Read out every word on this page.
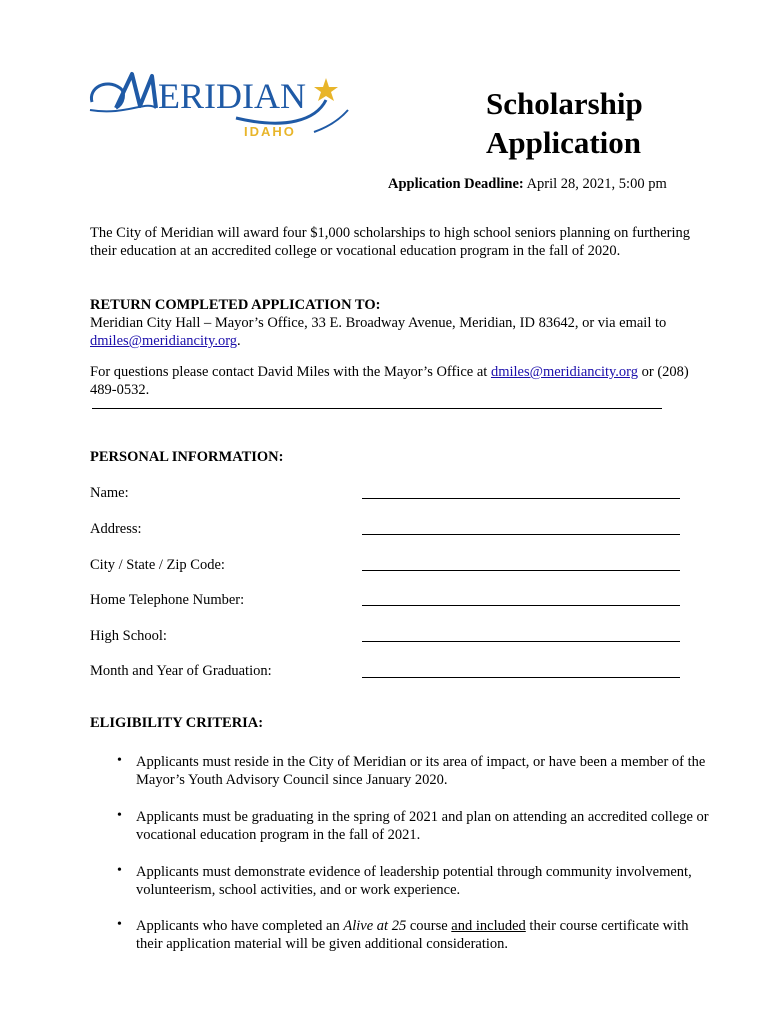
ERIDIAN
IDAHO
Scholarship
Application
Application Deadline: April 28, 2021, 5:00 pm
The City of Meridian will award four $1,000 scholarships to high school seniors planning on furthering their education at an accredited college or vocational education program in the fall of 2020.
RETURN COMPLETED APPLICATION TO:
Meridian City Hall – Mayor’s Office, 33 E. Broadway Avenue, Meridian, ID 83642, or via email to dmiles@meridiancity.org.
For questions please contact David Miles with the Mayor’s Office at dmiles@meridiancity.org or (208) 489-0532.
PERSONAL INFORMATION:
Name:
Address:
City / State / Zip Code:
Home Telephone Number:
High School:
Month and Year of Graduation:
ELIGIBILITY CRITERIA:
• Applicants must reside in the City of Meridian or its area of impact, or have been a member of the Mayor’s Youth Advisory Council since January 2020.
• Applicants must be graduating in the spring of 2021 and plan on attending an accredited college or vocational education program in the fall of 2021.
• Applicants must demonstrate evidence of leadership potential through community involvement, volunteerism, school activities, and or work experience.
• Applicants who have completed an Alive at 25 course and included their course certificate with their application material will be given additional consideration.
